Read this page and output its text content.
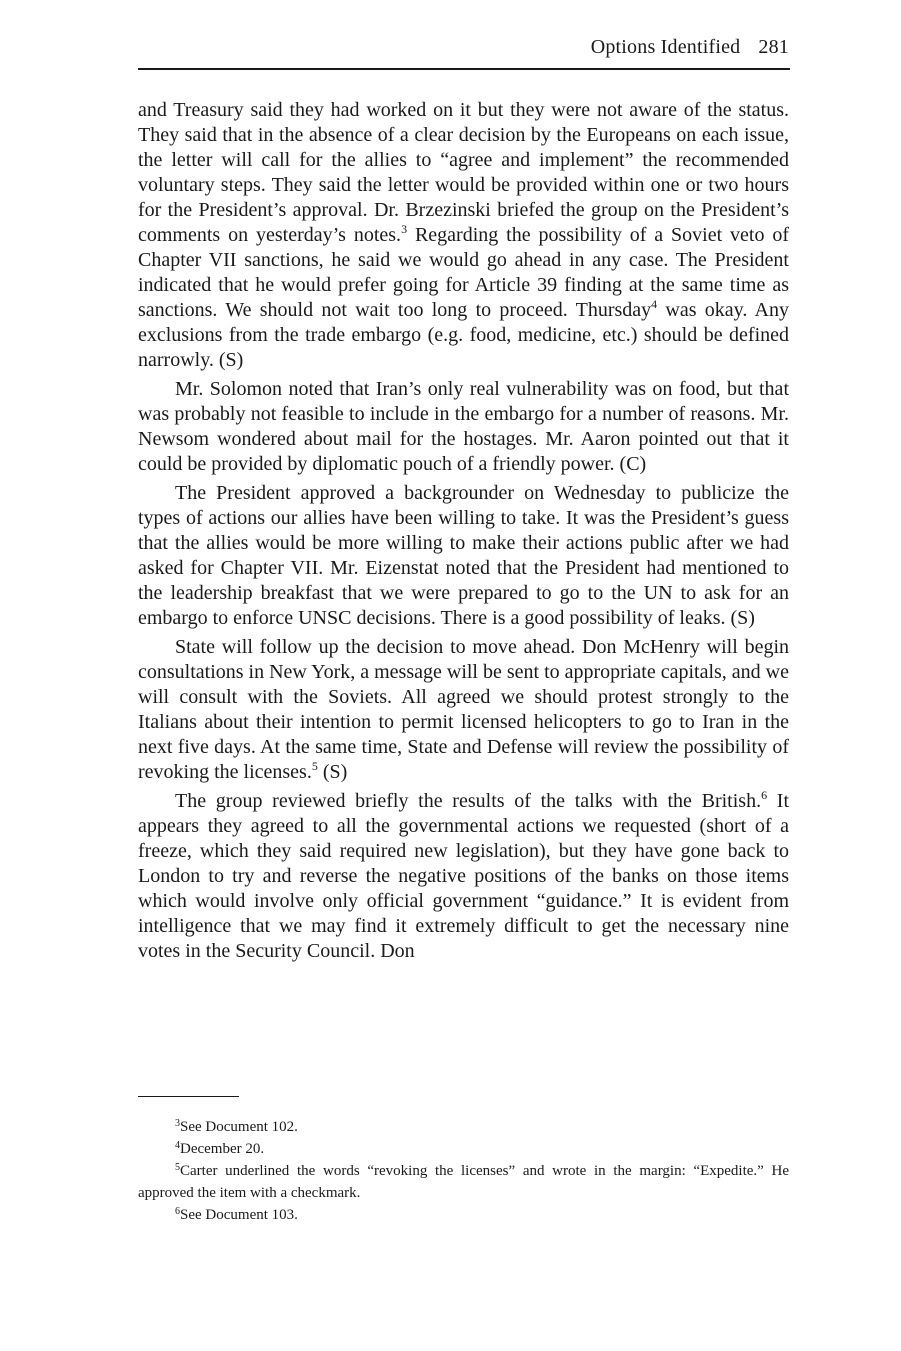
Options Identified 281

and Treasury said they had worked on it but they were not aware of the status. They said that in the absence of a clear decision by the Europeans on each issue, the letter will call for the allies to “agree and implement” the recommended voluntary steps. They said the letter would be provided within one or two hours for the President’s approval. Dr. Brzezinski briefed the group on the President’s comments on yesterday’s notes.$^3$ Regarding the possibility of a Soviet veto of Chapter VII sanctions, he said we would go ahead in any case. The President indicated that he would prefer going for Article 39 finding at the same time as sanctions. We should not wait too long to proceed. Thursday$^4$ was okay. Any exclusions from the trade embargo (e.g. food, medicine, etc.) should be defined narrowly. (S)

Mr. Solomon noted that Iran’s only real vulnerability was on food, but that was probably not feasible to include in the embargo for a number of reasons. Mr. Newsom wondered about mail for the hostages. Mr. Aaron pointed out that it could be provided by diplomatic pouch of a friendly power. (C)

The President approved a backgrounder on Wednesday to publicize the types of actions our allies have been willing to take. It was the President’s guess that the allies would be more willing to make their actions public after we had asked for Chapter VII. Mr. Eizenstat noted that the President had mentioned to the leadership breakfast that we were prepared to go to the UN to ask for an embargo to enforce UNSC decisions. There is a good possibility of leaks. (S)

State will follow up the decision to move ahead. Don McHenry will begin consultations in New York, a message will be sent to appropriate capitals, and we will consult with the Soviets. All agreed we should protest strongly to the Italians about their intention to permit licensed helicopters to go to Iran in the next five days. At the same time, State and Defense will review the possibility of revoking the licenses.$^5$ (S)

The group reviewed briefly the results of the talks with the British.$^6$ It appears they agreed to all the governmental actions we requested (short of a freeze, which they said required new legislation), but they have gone back to London to try and reverse the negative positions of the banks on those items which would involve only official government “guidance.” It is evident from intelligence that we may find it extremely difficult to get the necessary nine votes in the Security Council. Don

$^3$See Document 102.

$^4$December 20.

$^5$Carter underlined the words “revoking the licenses” and wrote in the margin: “Expedite.” He approved the item with a checkmark.

$^6$See Document 103.
